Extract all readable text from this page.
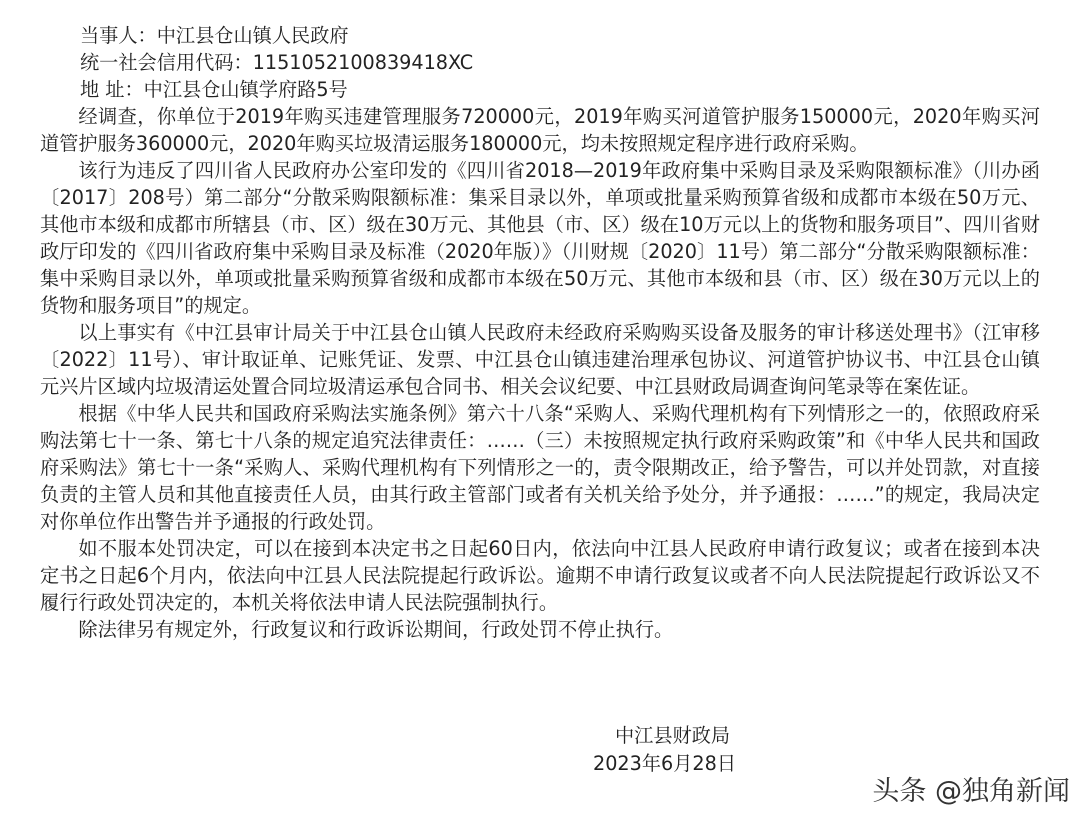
当事人：中江县仓山镇人民政府
统一社会信用代码：1151052100839418XC
地 址：中江县仓山镇学府路5号

经调查，你单位于2019年购买违建管理服务720000元，2019年购买河道管护服务150000元，2020年购买河道管护服务360000元，2020年购买垃圾清运服务180000元，均未按照规定程序进行政府采购。

该行为违反了四川省人民政府办公室印发的《四川省2018—2019年政府集中采购目录及采购限额标准》（川办函〔2017〕208号）第二部分“分散采购限额标准：集采目录以外，单项或批量采购预算省级和成都市本级在50万元、其他市本级和成都市所辖县（市、区）级在30万元、其他县（市、区）级在10万元以上的货物和服务项目”、四川省财政厅印发的《四川省政府集中采购目录及标准（2020年版）》（川财规〔2020〕11号）第二部分“分散采购限额标准：集中采购目录以外，单项或批量采购预算省级和成都市本级在50万元、其他市本级和县（市、区）级在30万元以上的货物和服务项目”的规定。

以上事实有《中江县审计局关于中江县仓山镇人民政府未经政府采购购买设备及服务的审计移送处理书》（江审移〔2022〕11号）、审计取证单、记账凭证、发票、中江县仓山镇违建治理承包协议、河道管护协议书、中江县仓山镇元兴片区域内垃圾清运处置合同垃圾清运承包合同书、相关会议纪要、中江县财政局调查询问笔录等在案佐证。

根据《中华人民共和国政府采购法实施条例》第六十八条“采购人、采购代理机构有下列情形之一的，依照政府采购法第七十一条、第七十八条的规定追究法律责任：……（三）未按照规定执行政府采购政策”和《中华人民共和国政府采购法》第七十一条“采购人、采购代理机构有下列情形之一的，责令限期改正，给予警告，可以并处罚款，对直接负责的主管人员和其他直接责任人员，由其行政主管部门或者有关机关给予处分，并予通报：……”的规定，我局决定对你单位作出警告并予通报的行政处罚。

如不服本处罚决定，可以在接到本决定书之日起60日内，依法向中江县人民政府申请行政复议；或者在接到本决定书之日起6个月内，依法向中江县人民法院提起行政诉讼。逾期不申请行政复议或者不向人民法院提起行政诉讼又不履行行政处罚决定的，本机关将依法申请人民法院强制执行。

除法律另有规定外，行政复议和行政诉讼期间，行政处罚不停止执行。

中江县财政局
2023年6月28日
头条 @独角新闻
